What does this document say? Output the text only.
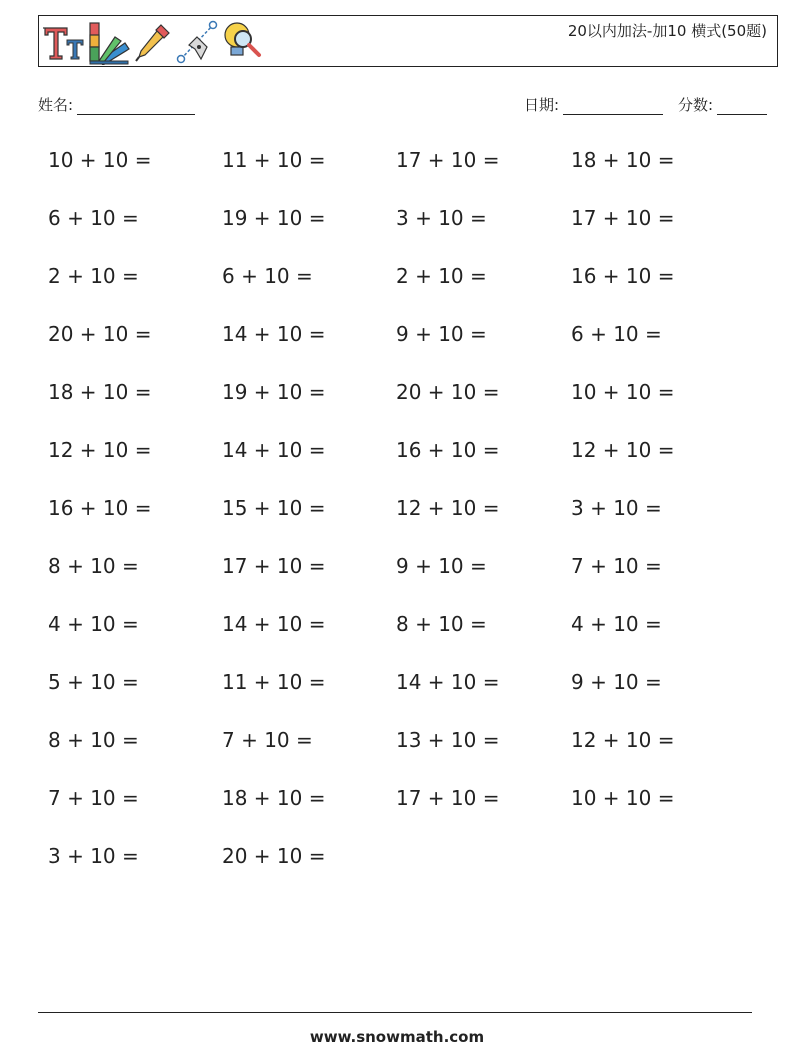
20以内加法-加10 横式(50题)
姓名:	日期:	分数:
10 + 10 =	11 + 10 =	17 + 10 =	18 + 10 =
6 + 10 =	19 + 10 =	3 + 10 =	17 + 10 =
2 + 10 =	6 + 10 =	2 + 10 =	16 + 10 =
20 + 10 =	14 + 10 =	9 + 10 =	6 + 10 =
18 + 10 =	19 + 10 =	20 + 10 =	10 + 10 =
12 + 10 =	14 + 10 =	16 + 10 =	12 + 10 =
16 + 10 =	15 + 10 =	12 + 10 =	3 + 10 =
8 + 10 =	17 + 10 =	9 + 10 =	7 + 10 =
4 + 10 =	14 + 10 =	8 + 10 =	4 + 10 =
5 + 10 =	11 + 10 =	14 + 10 =	9 + 10 =
8 + 10 =	7 + 10 =	13 + 10 =	12 + 10 =
7 + 10 =	18 + 10 =	17 + 10 =	10 + 10 =
3 + 10 =	20 + 10 =
www.snowmath.com
